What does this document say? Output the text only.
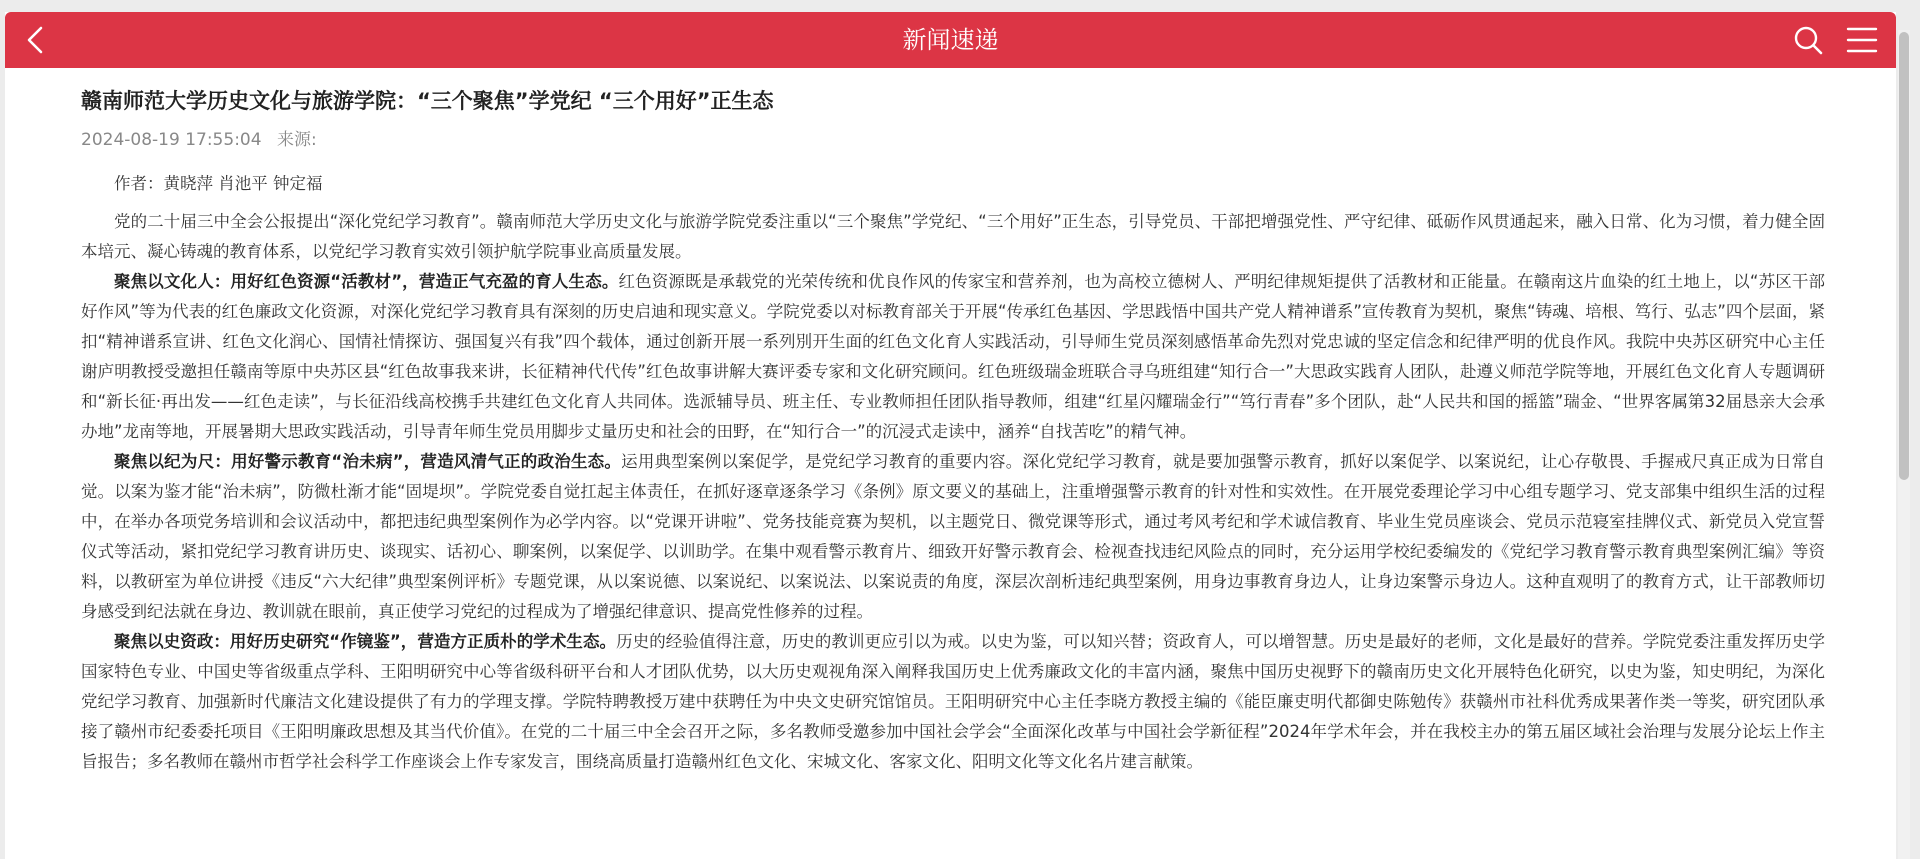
新闻速递
赣南师范大学历史文化与旅游学院：“三个聚焦”学党纪 “三个用好”正生态
2024-08-19 17:55:04 来源:

作者：黄晓萍 肖池平 钟定福

党的二十届三中全会公报提出“深化党纪学习教育”。赣南师范大学历史文化与旅游学院党委注重以“三个聚焦”学党纪、“三个用好”正生态，引导党员、干部把增强党性、严守纪律、砥砺作风贯通起来，融入日常、化为习惯，着力健全固本培元、凝心铸魂的教育体系，以党纪学习教育实效引领护航学院事业高质量发展。

聚焦以文化人：用好红色资源“活教材”，营造正气充盈的育人生态。红色资源既是承载党的光荣传统和优良作风的传家宝和营养剂，也为高校立德树人、严明纪律规矩提供了活教材和正能量。在赣南这片血染的红土地上，以“苏区干部好作风”等为代表的红色廉政文化资源，对深化党纪学习教育具有深刻的历史启迪和现实意义。学院党委以对标教育部关于开展“传承红色基因、学思践悟中国共产党人精神谱系”宣传教育为契机，聚焦“铸魂、培根、笃行、弘志”四个层面，紧扣“精神谱系宣讲、红色文化润心、国情社情探访、强国复兴有我”四个载体，通过创新开展一系列別开生面的红色文化育人实践活动，引导师生党员深刻感悟革命先烈对党忠诚的坚定信念和纪律严明的优良作风。我院中央苏区研究中心主任谢庐明教授受邀担任赣南等原中央苏区县“红色故事我来讲，长征精神代代传”红色故事讲解大赛评委专家和文化研究顾问。红色班级瑞金班联合寻乌班组建“知行合一”大思政实践育人团队，赴遵义师范学院等地，开展红色文化育人专题调研和“新长征·再出发——红色走读”，与长征沿线高校携手共建红色文化育人共同体。选派辅导员、班主任、专业教师担任团队指导教师，组建“红星闪耀瑞金行”“笃行青春”多个团队，赴“人民共和国的摇篮”瑞金、“世界客属第32届恳亲大会承办地”龙南等地，开展暑期大思政实践活动，引导青年师生党员用脚步丈量历史和社会的田野，在“知行合一”的沉浸式走读中，涵养“自找苦吃”的精气神。

聚焦以纪为尺：用好警示教育“治未病”，营造风清气正的政治生态。运用典型案例以案促学，是党纪学习教育的重要内容。深化党纪学习教育，就是要加强警示教育，抓好以案促学、以案说纪，让心存敬畏、手握戒尺真正成为日常自觉。以案为鉴才能“治未病”，防微杜渐才能“固堤坝”。学院党委自觉扛起主体责任，在抓好逐章逐条学习《条例》原文要义的基础上，注重增强警示教育的针对性和实效性。在开展党委理论学习中心组专题学习、党支部集中组织生活的过程中，在举办各项党务培训和会议活动中，都把违纪典型案例作为必学内容。以“党课开讲啦”、党务技能竞赛为契机，以主题党日、微党课等形式，通过考风考纪和学术诚信教育、毕业生党员座谈会、党员示范寝室挂牌仪式、新党员入党宣誓仪式等活动，紧扣党纪学习教育讲历史、谈现实、话初心、聊案例，以案促学、以训助学。在集中观看警示教育片、细致开好警示教育会、检视查找违纪风险点的同时，充分运用学校纪委编发的《党纪学习教育警示教育典型案例汇编》等资料，以教研室为单位讲授《违反“六大纪律”典型案例评析》专题党课，从以案说德、以案说纪、以案说法、以案说责的角度，深层次剖析违纪典型案例，用身边事教育身边人，让身边案警示身边人。这种直观明了的教育方式，让干部教师切身感受到纪法就在身边、教训就在眼前，真正使学习党纪的过程成为了增强纪律意识、提高党性修养的过程。

聚焦以史资政：用好历史研究“作镜鉴”，营造方正质朴的学术生态。历史的经验值得注意，历史的教训更应引以为戒。以史为鉴，可以知兴替；资政育人，可以增智慧。历史是最好的老师，文化是最好的营养。学院党委注重发挥历史学国家特色专业、中国史等省级重点学科、王阳明研究中心等省级科研平台和人才团队优势，以大历史观视角深入阐释我国历史上优秀廉政文化的丰富内涵，聚焦中国历史视野下的赣南历史文化开展特色化研究，以史为鉴，知史明纪，为深化党纪学习教育、加强新时代廉洁文化建设提供了有力的学理支撑。学院特聘教授万建中获聘任为中央文史研究馆馆员。王阳明研究中心主任李晓方教授主编的《能臣廉吏明代都御史陈勉传》获赣州市社科优秀成果著作类一等奖，研究团队承接了赣州市纪委委托项目《王阳明廉政思想及其当代价值》。在党的二十届三中全会召开之际，多名教师受邀参加中国社会学会“全面深化改革与中国社会学新征程”2024年学术年会，并在我校主办的第五届区域社会治理与发展分论坛上作主旨报告；多名教师在赣州市哲学社会科学工作座谈会上作专家发言，围绕高质量打造赣州红色文化、宋城文化、客家文化、阳明文化等文化名片建言献策。
